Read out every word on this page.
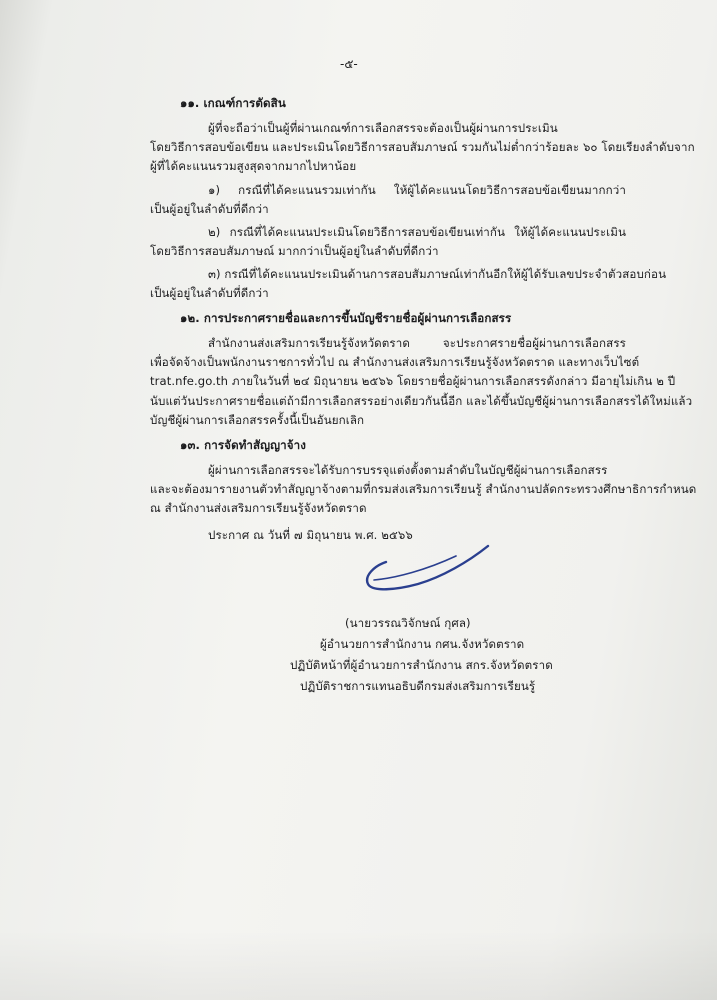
-๕-
๑๑. เกณฑ์การตัดสิน
ผู้ที่จะถือว่าเป็นผู้ที่ผ่านเกณฑ์การเลือกสรรจะต้องเป็นผู้ผ่านการประเมิน
โดยวิธีการสอบข้อเขียน และประเมินโดยวิธีการสอบสัมภาษณ์ รวมกันไม่ต่ำกว่าร้อยละ ๖๐ โดยเรียงลำดับจาก
ผู้ที่ได้คะแนนรวมสูงสุดจากมากไปหาน้อย
๑) กรณีที่ได้คะแนนรวมเท่ากัน ให้ผู้ได้คะแนนโดยวิธีการสอบข้อเขียนมากกว่า
เป็นผู้อยู่ในลำดับที่ดีกว่า
๒) กรณีที่ได้คะแนนประเมินโดยวิธีการสอบข้อเขียนเท่ากัน ให้ผู้ได้คะแนนประเมิน
โดยวิธีการสอบสัมภาษณ์ มากกว่าเป็นผู้อยู่ในลำดับที่ดีกว่า
๓) กรณีที่ได้คะแนนประเมินด้านการสอบสัมภาษณ์เท่ากันอีกให้ผู้ได้รับเลขประจำตัวสอบก่อน
เป็นผู้อยู่ในลำดับที่ดีกว่า
๑๒. การประกาศรายชื่อและการขึ้นบัญชีรายชื่อผู้ผ่านการเลือกสรร
สำนักงานส่งเสริมการเรียนรู้จังหวัดตราด จะประกาศรายชื่อผู้ผ่านการเลือกสรร
เพื่อจัดจ้างเป็นพนักงานราชการทั่วไป ณ สำนักงานส่งเสริมการเรียนรู้จังหวัดตราด และทางเว็บไซต์
trat.nfe.go.th ภายในวันที่ ๒๔ มิถุนายน ๒๕๖๖ โดยรายชื่อผู้ผ่านการเลือกสรรดังกล่าว มีอายุไม่เกิน ๒ ปี
นับแต่วันประกาศรายชื่อแต่ถ้ามีการเลือกสรรอย่างเดียวกันนี้อีก และได้ขึ้นบัญชีผู้ผ่านการเลือกสรรได้ใหม่แล้ว
บัญชีผู้ผ่านการเลือกสรรครั้งนี้เป็นอันยกเลิก
๑๓. การจัดทำสัญญาจ้าง
ผู้ผ่านการเลือกสรรจะได้รับการบรรจุแต่งตั้งตามลำดับในบัญชีผู้ผ่านการเลือกสรร
และจะต้องมารายงานตัวทำสัญญาจ้างตามที่กรมส่งเสริมการเรียนรู้ สำนักงานปลัดกระทรวงศึกษาธิการกำหนด
ณ สำนักงานส่งเสริมการเรียนรู้จังหวัดตราด
ประกาศ ณ วันที่ ๗ มิถุนายน พ.ศ. ๒๕๖๖
(นายวรรณวิจักษณ์ กุศล)
ผู้อำนวยการสำนักงาน กศน.จังหวัดตราด
ปฏิบัติหน้าที่ผู้อำนวยการสำนักงาน สกร.จังหวัดตราด
ปฏิบัติราชการแทนอธิบดีกรมส่งเสริมการเรียนรู้
